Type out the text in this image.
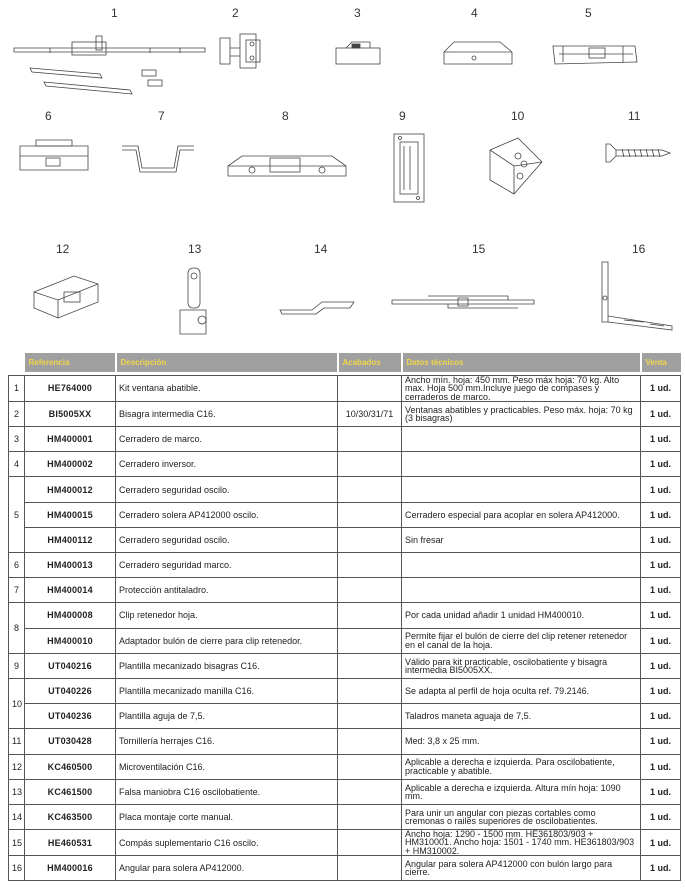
1	2	3	4	5
6	7	8	9	10	11
12	13	14	15	16
	Referencia	Descripción	Acabados	Datos técnicos	Venta

1	HE764000	Kit ventana abatible.		Ancho mín. hoja: 450 mm. Peso máx hoja: 70 kg. Alto max. Hoja 500 mm.Incluye juego de compases y cerraderos de marco.	1 ud.
2	BI5005XX	Bisagra intermedia C16.	10/30/31/71	Ventanas abatibles y practicables. Peso máx. hoja: 70 kg (3 bisagras)	1 ud.
3	HM400001	Cerradero de marco.			1 ud.
4	HM400002	Cerradero inversor.			1 ud.
5	HM400012	Cerradero seguridad oscilo.			1 ud.
	HM400015	Cerradero solera AP412000 oscilo.		Cerradero especial para acoplar en solera AP412000.	1 ud.
	HM400112	Cerradero seguridad oscilo.		Sin fresar	1 ud.
6	HM400013	Cerradero seguridad marco.			1 ud.
7	HM400014	Protección antitaladro.			1 ud.
8	HM400008	Clip retenedor hoja.		Por cada unidad añadir 1 unidad HM400010.	1 ud.
	HM400010	Adaptador bulón de cierre para clip retenedor.		Permite fijar el bulón de cierre del clip retener retenedor en el canal de la hoja.	1 ud.
9	UT040216	Plantilla mecanizado bisagras C16.		Válido para kit practicable, oscilobatiente y bisagra intermedia BI5005XX.	1 ud.
10	UT040226	Plantilla mecanizado manilla C16.		Se adapta al perfil de hoja oculta ref. 79.2146.	1 ud.
	UT040236	Plantilla aguja de 7,5.		Taladros maneta aguaja de 7,5.	1 ud.
11	UT030428	Tornillería herrajes C16.		Med: 3,8 x 25 mm.	1 ud.
12	KC460500	Microventilación C16.		Aplicable a derecha e izquierda. Para oscilobatiente, practicable y abatible.	1 ud.
13	KC461500	Falsa maniobra C16 oscilobatiente.		Aplicable a derecha e izquierda. Altura mín hoja: 1090 mm.	1 ud.
14	KC463500	Placa montaje corte manual.		Para unir un angular con piezas cortables como cremonas o railes superiores de oscilobatientes.	1 ud.
15	HE460531	Compás suplementario C16 oscilo.		Ancho hoja: 1290 - 1500 mm. HE361803/903 + HM310001. Ancho hoja: 1501 - 1740 mm. HE361803/903 + HM310002.	1 ud.
16	HM400016	Angular para solera AP412000.		Angular para solera AP412000 con bulón largo para cierre.	1 ud.
